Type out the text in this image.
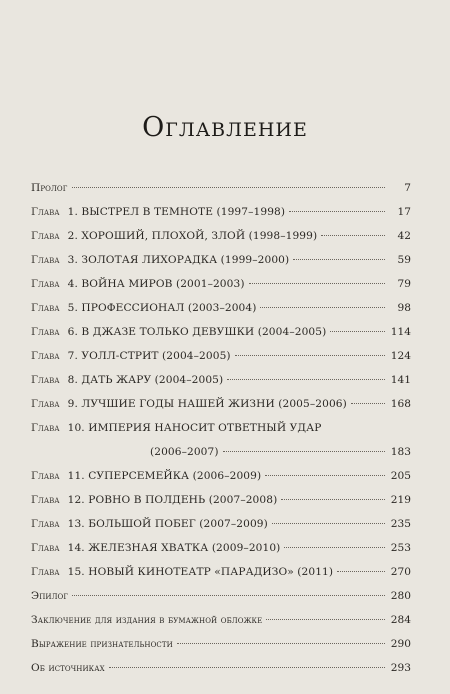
Оглавление
Пролог	7
Глава 1. ВЫСТРЕЛ В ТЕМНОТЕ (1997–1998)	17
Глава 2. ХОРОШИЙ, ПЛОХОЙ, ЗЛОЙ (1998–1999)	42
Глава 3. ЗОЛОТАЯ ЛИХОРАДКА (1999–2000)	59
Глава 4. ВОЙНА МИРОВ (2001–2003)	79
Глава 5. ПРОФЕССИОНАЛ (2003–2004)	98
Глава 6. В ДЖАЗЕ ТОЛЬКО ДЕВУШКИ (2004–2005)	114
Глава 7. УОЛЛ-СТРИТ (2004–2005)	124
Глава 8. ДАТЬ ЖАРУ (2004–2005)	141
Глава 9. ЛУЧШИЕ ГОДЫ НАШЕЙ ЖИЗНИ (2005–2006)	168
Глава 10. ИМПЕРИЯ НАНОСИТ ОТВЕТНЫЙ УДАР
(2006–2007)	183
Глава 11. СУПЕРСЕМЕЙКА (2006–2009)	205
Глава 12. РОВНО В ПОЛДЕНЬ (2007–2008)	219
Глава 13. БОЛЬШОЙ ПОБЕГ (2007–2009)	235
Глава 14. ЖЕЛЕЗНАЯ ХВАТКА (2009–2010)	253
Глава 15. НОВЫЙ КИНОТЕАТР «ПАРАДИЗО» (2011)	270
Эпилог	280
Заключение для издания в бумажной обложке	284
Выражение признательности	290
Об источниках	293
